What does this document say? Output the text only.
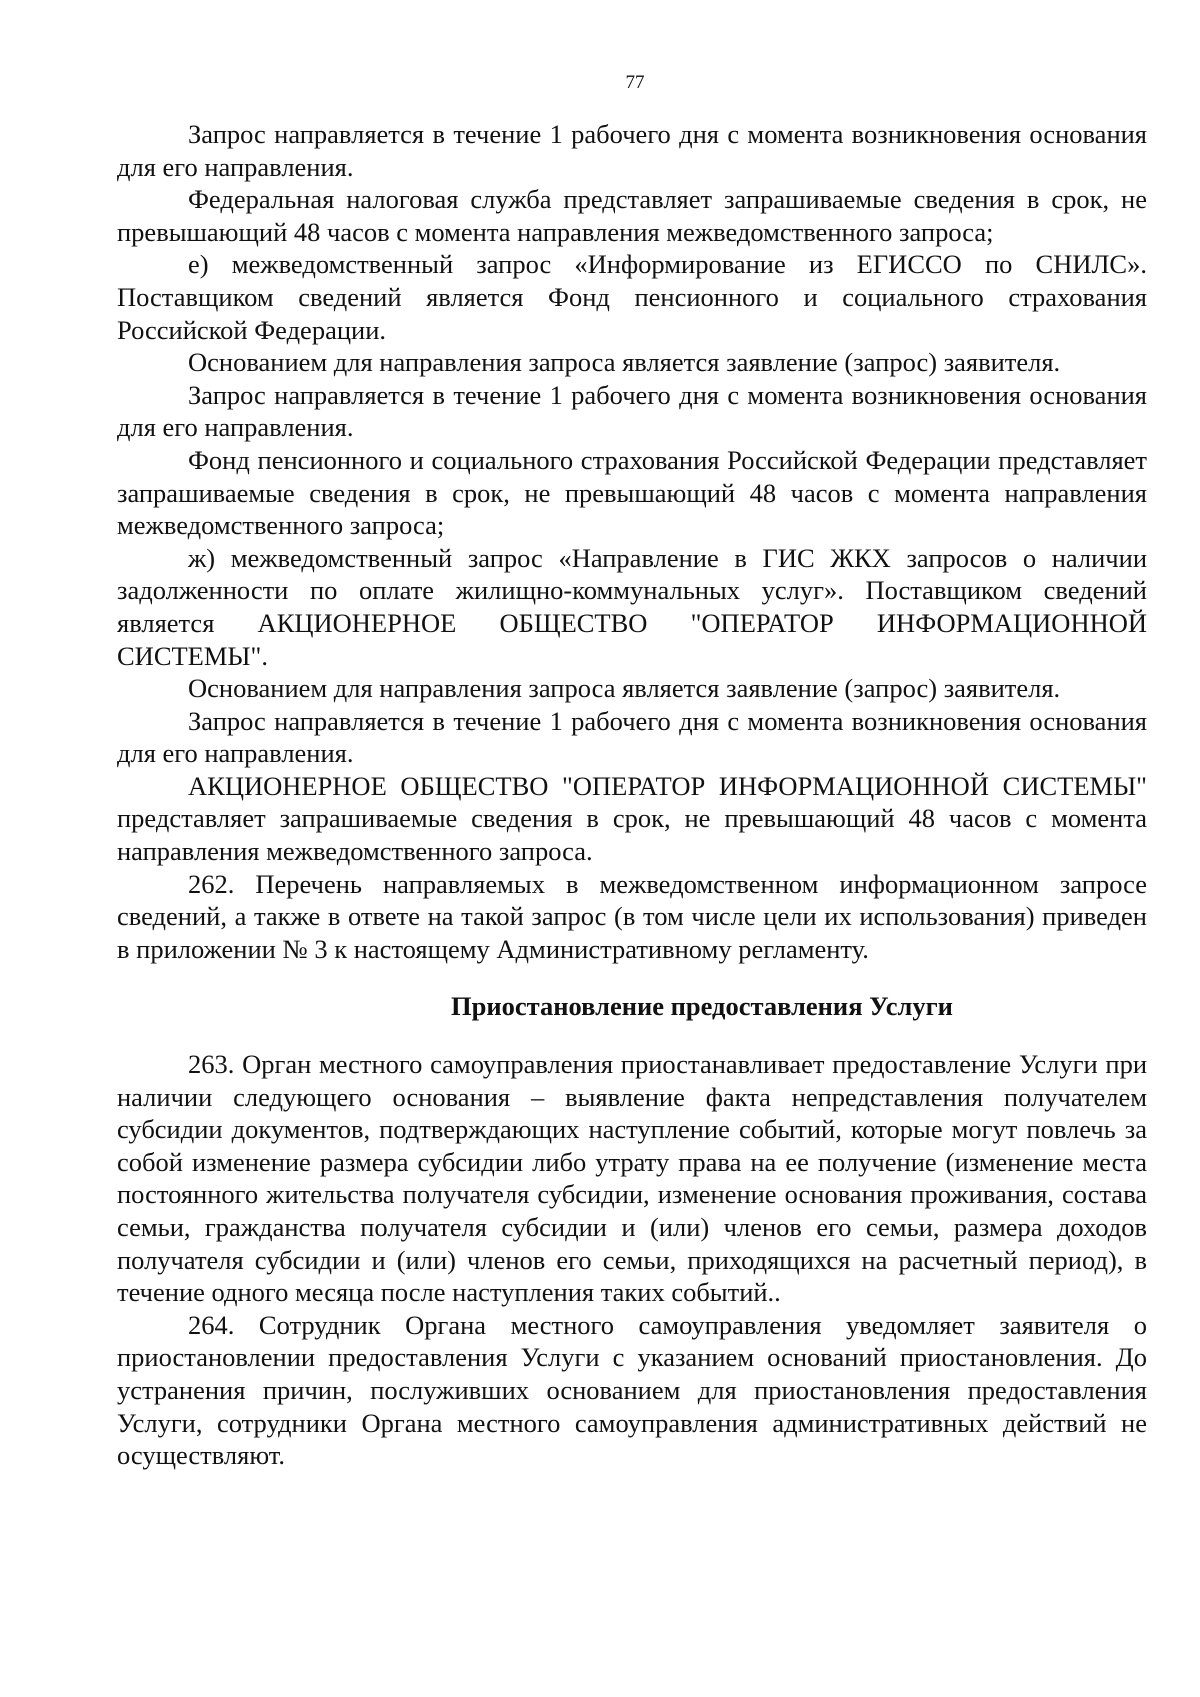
77

Запрос направляется в течение 1 рабочего дня с момента возникновения основания для его направления.

Федеральная налоговая служба представляет запрашиваемые сведения в срок, не превышающий 48 часов с момента направления межведомственного запроса;

е) межведомственный запрос «Информирование из ЕГИССО по СНИЛС». Поставщиком сведений является Фонд пенсионного и социального страхования Российской Федерации.

Основанием для направления запроса является заявление (запрос) заявителя.

Запрос направляется в течение 1 рабочего дня с момента возникновения основания для его направления.

Фонд пенсионного и социального страхования Российской Федерации представляет запрашиваемые сведения в срок, не превышающий 48 часов с момента направления межведомственного запроса;

ж) межведомственный запрос «Направление в ГИС ЖКХ запросов о наличии задолженности по оплате жилищно-коммунальных услуг». Поставщиком сведений является АКЦИОНЕРНОЕ ОБЩЕСТВО "ОПЕРАТОР ИНФОРМАЦИОННОЙ СИСТЕМЫ".

Основанием для направления запроса является заявление (запрос) заявителя.

Запрос направляется в течение 1 рабочего дня с момента возникновения основания для его направления.

АКЦИОНЕРНОЕ ОБЩЕСТВО "ОПЕРАТОР ИНФОРМАЦИОННОЙ СИСТЕМЫ" представляет запрашиваемые сведения в срок, не превышающий 48 часов с момента направления межведомственного запроса.

262. Перечень направляемых в межведомственном информационном запросе сведений, а также в ответе на такой запрос (в том числе цели их использования) приведен в приложении № 3 к настоящему Административному регламенту.

Приостановление предоставления Услуги

263. Орган местного самоуправления приостанавливает предоставление Услуги при наличии следующего основания – выявление факта непредставления получателем субсидии документов, подтверждающих наступление событий, которые могут повлечь за собой изменение размера субсидии либо утрату права на ее получение (изменение места постоянного жительства получателя субсидии, изменение основания проживания, состава семьи, гражданства получателя субсидии и (или) членов его семьи, размера доходов получателя субсидии и (или) членов его семьи, приходящихся на расчетный период), в течение одного месяца после наступления таких событий..

264. Сотрудник Органа местного самоуправления уведомляет заявителя о приостановлении предоставления Услуги с указанием оснований приостановления. До устранения причин, послуживших основанием для приостановления предоставления Услуги, сотрудники Органа местного самоуправления административных действий не осуществляют.
